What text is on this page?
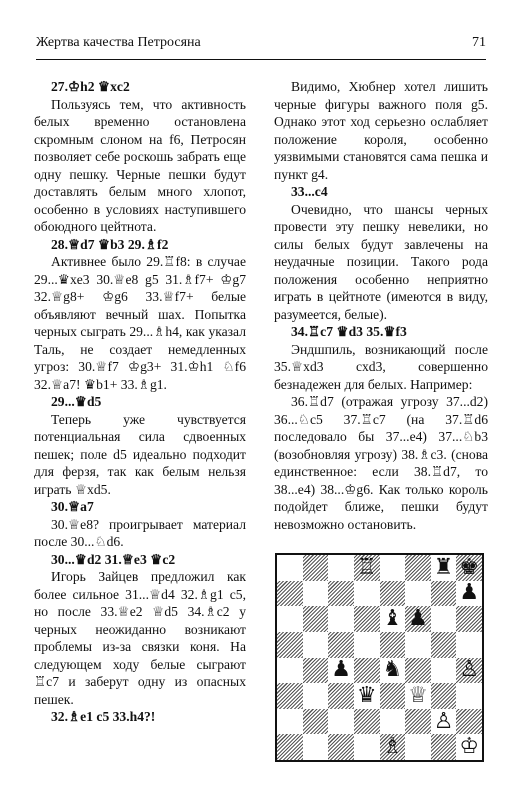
Жертва качества Петросяна	71

27.♔h2 ♛xc2

Пользуясь тем, что активность белых временно остановлена скромным слоном на f6, Петросян позволяет себе роскошь забрать еще одну пешку. Черные пешки будут доставлять белым много хлопот, особенно в условиях наступившего обоюдного цейтнота.

28.♕d7 ♛b3 29.♗f2

Активнее было 29.♖f8: в случае 29...♛xe3 30.♕e8 g5 31.♗f7+ ♔g7 32.♕g8+ ♔g6 33.♕f7+ белые объявляют вечный шах. Попытка черных сыграть 29...♗h4, как указал Таль, не создает немедленных угроз: 30.♕f7 ♔g3+ 31.♔h1 ♘f6 32.♕a7! ♛b1+ 33.♗g1.

29...♛d5

Теперь уже чувствуется потенциальная сила сдвоенных пешек; поле d5 идеально подходит для ферзя, так как белым нельзя играть ♕xd5.

30.♕a7

30.♕e8? проигрывает материал после 30...♘d6.

30...♛d2 31.♕e3 ♛c2

Игорь Зайцев предложил как более сильное 31...♕d4 32.♗g1 c5, но после 33.♕e2 ♕d5 34.♗c2 у черных неожиданно возникают проблемы из-за связки коня. На следующем ходу белые сыграют ♖c7 и заберут одну из опасных пешек.

32.♗e1 c5 33.h4?!

Видимо, Хюбнер хотел лишить черные фигуры важного поля g5. Однако этот ход серьезно ослабляет положение короля, особенно уязвимыми становятся сама пешка и пункт g4.

33...c4

Очевидно, что шансы черных провести эту пешку невелики, но силы белых будут завлечены на неудачные позиции. Такого рода положения особенно неприятно играть в цейтноте (имеются в виду, разумеется, белые).

34.♖c7 ♛d3 35.♛f3

Эндшпиль, возникающий после 35.♕xd3 cxd3, совершенно безнадежен для белых. Например:

36.♖d7 (отражая угрозу 37...d2) 36...♘c5 37.♖c7 (на 37.♖d6 последовало бы 37...e4) 37...♘b3 (возобновляя угрозу) 38.♗c3. (снова единственное: если 38.♖d7, то 38...e4) 38...♔g6. Как только король подойдет ближе, пешки будут невозможно остановить.

♖	♜ ♚
♟
♝ ♟
♟ ♞	♙
♛ ♕
♙
♗	♔
